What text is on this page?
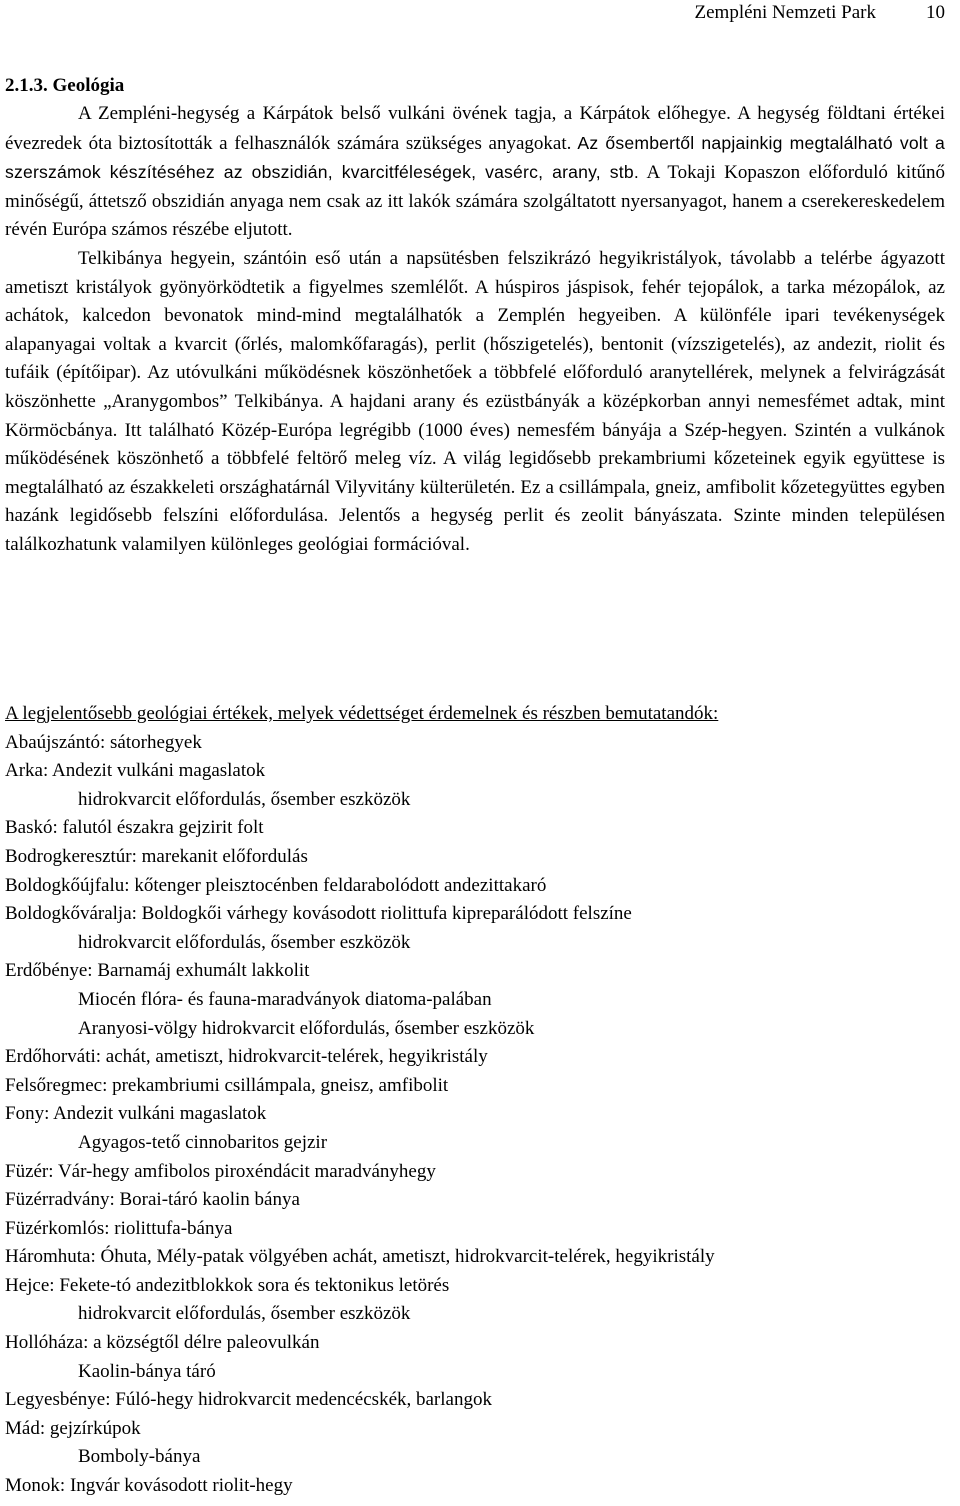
Zempléni Nemzeti Park	10
2.1.3. Geológia

A Zempléni-hegység a Kárpátok belső vulkáni övének tagja, a Kárpátok előhegye. A hegység földtani értékei évezredek óta biztosították a felhasználók számára szükséges anyagokat. Az ősembertől napjainkig megtalálható volt a szerszámok készítéséhez az obszidián, kvarcitféleségek, vasérc, arany, stb. A Tokaji Kopaszon előforduló kitűnő minőségű, áttetsző obszidián anyaga nem csak az itt lakók számára szolgáltatott nyersanyagot, hanem a cserekereskedelem révén Európa számos részébe eljutott.

Telkibánya hegyein, szántóin eső után a napsütésben felszikrázó hegyikristályok, távolabb a telérbe ágyazott ametiszt kristályok gyönyörködtetik a figyelmes szemlélőt. A húspiros jáspisok, fehér tejopálok, a tarka mézopálok, az achátok, kalcedon bevonatok mind-mind megtalálhatók a Zemplén hegyeiben. A különféle ipari tevékenységek alapanyagai voltak a kvarcit (őrlés, malomkőfaragás), perlit (hőszigetelés), bentonit (vízszigetelés), az andezit, riolit és tufáik (építőipar). Az utóvulkáni működésnek köszönhetőek a többfelé előforduló aranytellérek, melynek a felvirágzását köszönhette „Aranygombos” Telkibánya. A hajdani arany és ezüstbányák a középkorban annyi nemesfémet adtak, mint Körmöcbánya. Itt található Közép-Európa legrégibb (1000 éves) nemesfém bányája a Szép-hegyen. Szintén a vulkánok működésének köszönhető a többfelé feltörő meleg víz. A világ legidősebb prekambriumi kőzeteinek egyik együttese is megtalálható az északkeleti országhatárnál Vilyvitány külterületén. Ez a csillámpala, gneiz, amfibolit kőzetegyüttes egyben hazánk legidősebb felszíni előfordulása. Jelentős a hegység perlit és zeolit bányászata. Szinte minden településen találkozhatunk valamilyen különleges geológiai formációval.

A legjelentősebb geológiai értékek, melyek védettséget érdemelnek és részben bemutatandók:
Abaújszántó: sátorhegyek
Arka: Andezit vulkáni magaslatok
hidrokvarcit előfordulás, ősember eszközök
Baskó: falutól északra gejzirit folt
Bodrogkeresztúr: marekanit előfordulás
Boldogkőújfalu: kőtenger pleisztocénben feldarabolódott andezittakaró
Boldogkőváralja: Boldogkői várhegy kovásodott riolittufa kipreparálódott felszíne
hidrokvarcit előfordulás, ősember eszközök
Erdőbénye: Barnamáj exhumált lakkolit
Miocén flóra- és fauna-maradványok diatoma-palában
Aranyosi-völgy hidrokvarcit előfordulás, ősember eszközök
Erdőhorváti: achát, ametiszt, hidrokvarcit-telérek, hegyikristály
Felsőregmec: prekambriumi csillámpala, gneisz, amfibolit
Fony: Andezit vulkáni magaslatok
Agyagos-tető cinnobaritos gejzir
Füzér: Vár-hegy amfibolos piroxéndácit maradványhegy
Füzérradvány: Borai-táró kaolin bánya
Füzérkomlós: riolittufa-bánya
Háromhuta: Óhuta, Mély-patak völgyében achát, ametiszt, hidrokvarcit-telérek, hegyikristály
Hejce: Fekete-tó andezitblokkok sora és tektonikus letörés
hidrokvarcit előfordulás, ősember eszközök
Hollóháza: a községtől délre paleovulkán
Kaolin-bánya táró
Legyesbénye: Fúló-hegy hidrokvarcit medencécskék, barlangok
Mád: gejzírkúpok
Bomboly-bánya
Monok: Ingvár kovásodott riolit-hegy
